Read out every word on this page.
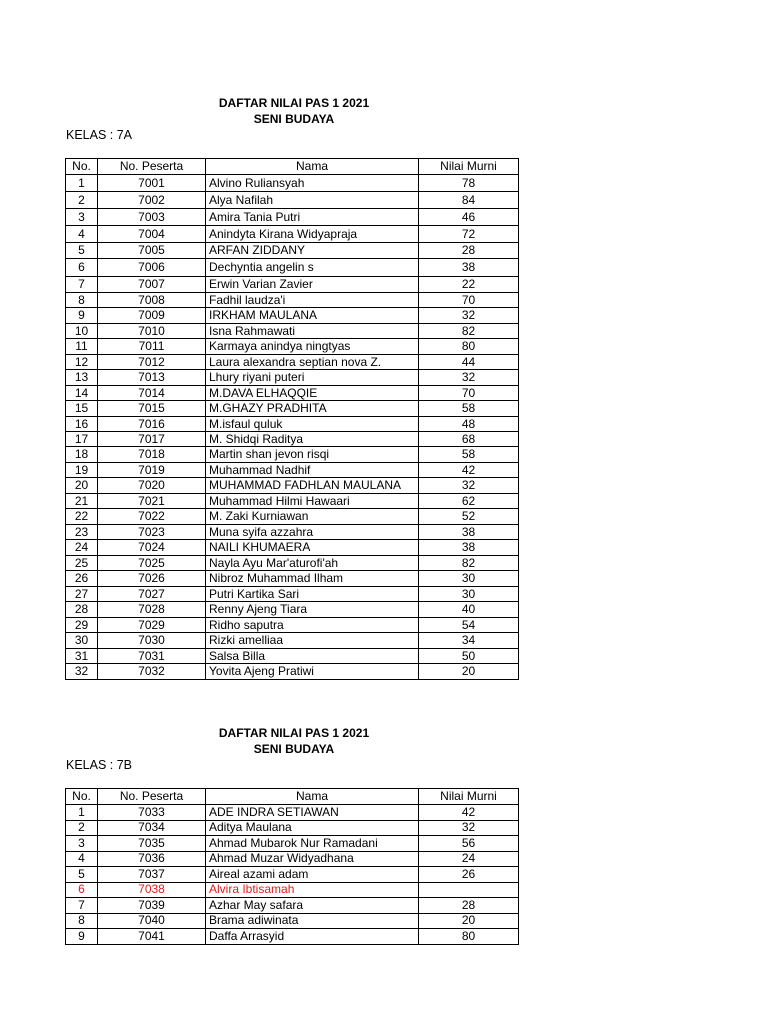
DAFTAR NILAI PAS 1 2021
SENI BUDAYA
KELAS : 7A
No.	No. Peserta	Nama	Nilai Murni
1	7001	Alvino Ruliansyah	78
2	7002	Alya Nafilah	84
3	7003	Amira Tania Putri	46
4	7004	Anindyta Kirana Widyapraja	72
5	7005	ARFAN ZIDDANY	28
6	7006	Dechyntia angelin s	38
7	7007	Erwin Varian Zavier	22
8	7008	Fadhil laudza'i	70
9	7009	IRKHAM MAULANA	32
10	7010	Isna Rahmawati	82
11	7011	Karmaya anindya ningtyas	80
12	7012	Laura alexandra septian nova Z.	44
13	7013	Lhury riyani puteri	32
14	7014	M.DAVA ELHAQQIE	70
15	7015	M.GHAZY PRADHITA	58
16	7016	M.isfaul quluk	48
17	7017	M. Shidqi Raditya	68
18	7018	Martin shan jevon risqi	58
19	7019	Muhammad Nadhif	42
20	7020	MUHAMMAD FADHLAN MAULANA	32
21	7021	Muhammad Hilmi Hawaari	62
22	7022	M. Zaki Kurniawan	52
23	7023	Muna syifa azzahra	38
24	7024	NAILI KHUMAERA	38
25	7025	Nayla Ayu Mar'aturofi'ah	82
26	7026	Nibroz Muhammad Ilham	30
27	7027	Putri Kartika Sari	30
28	7028	Renny Ajeng Tiara	40
29	7029	Ridho saputra	54
30	7030	Rizki amelliaa	34
31	7031	Salsa Billa	50
32	7032	Yovita Ajeng Pratiwi	20
DAFTAR NILAI PAS 1 2021
SENI BUDAYA
KELAS : 7B
No.	No. Peserta	Nama	Nilai Murni
1	7033	ADE INDRA SETIAWAN	42
2	7034	Aditya Maulana	32
3	7035	Ahmad Mubarok Nur Ramadani	56
4	7036	Ahmad Muzar Widyadhana	24
5	7037	Aireal azami adam	26
6	7038	Alvira Ibtisamah	
7	7039	Azhar May safara	28
8	7040	Brama adiwinata	20
9	7041	Daffa Arrasyid	80
